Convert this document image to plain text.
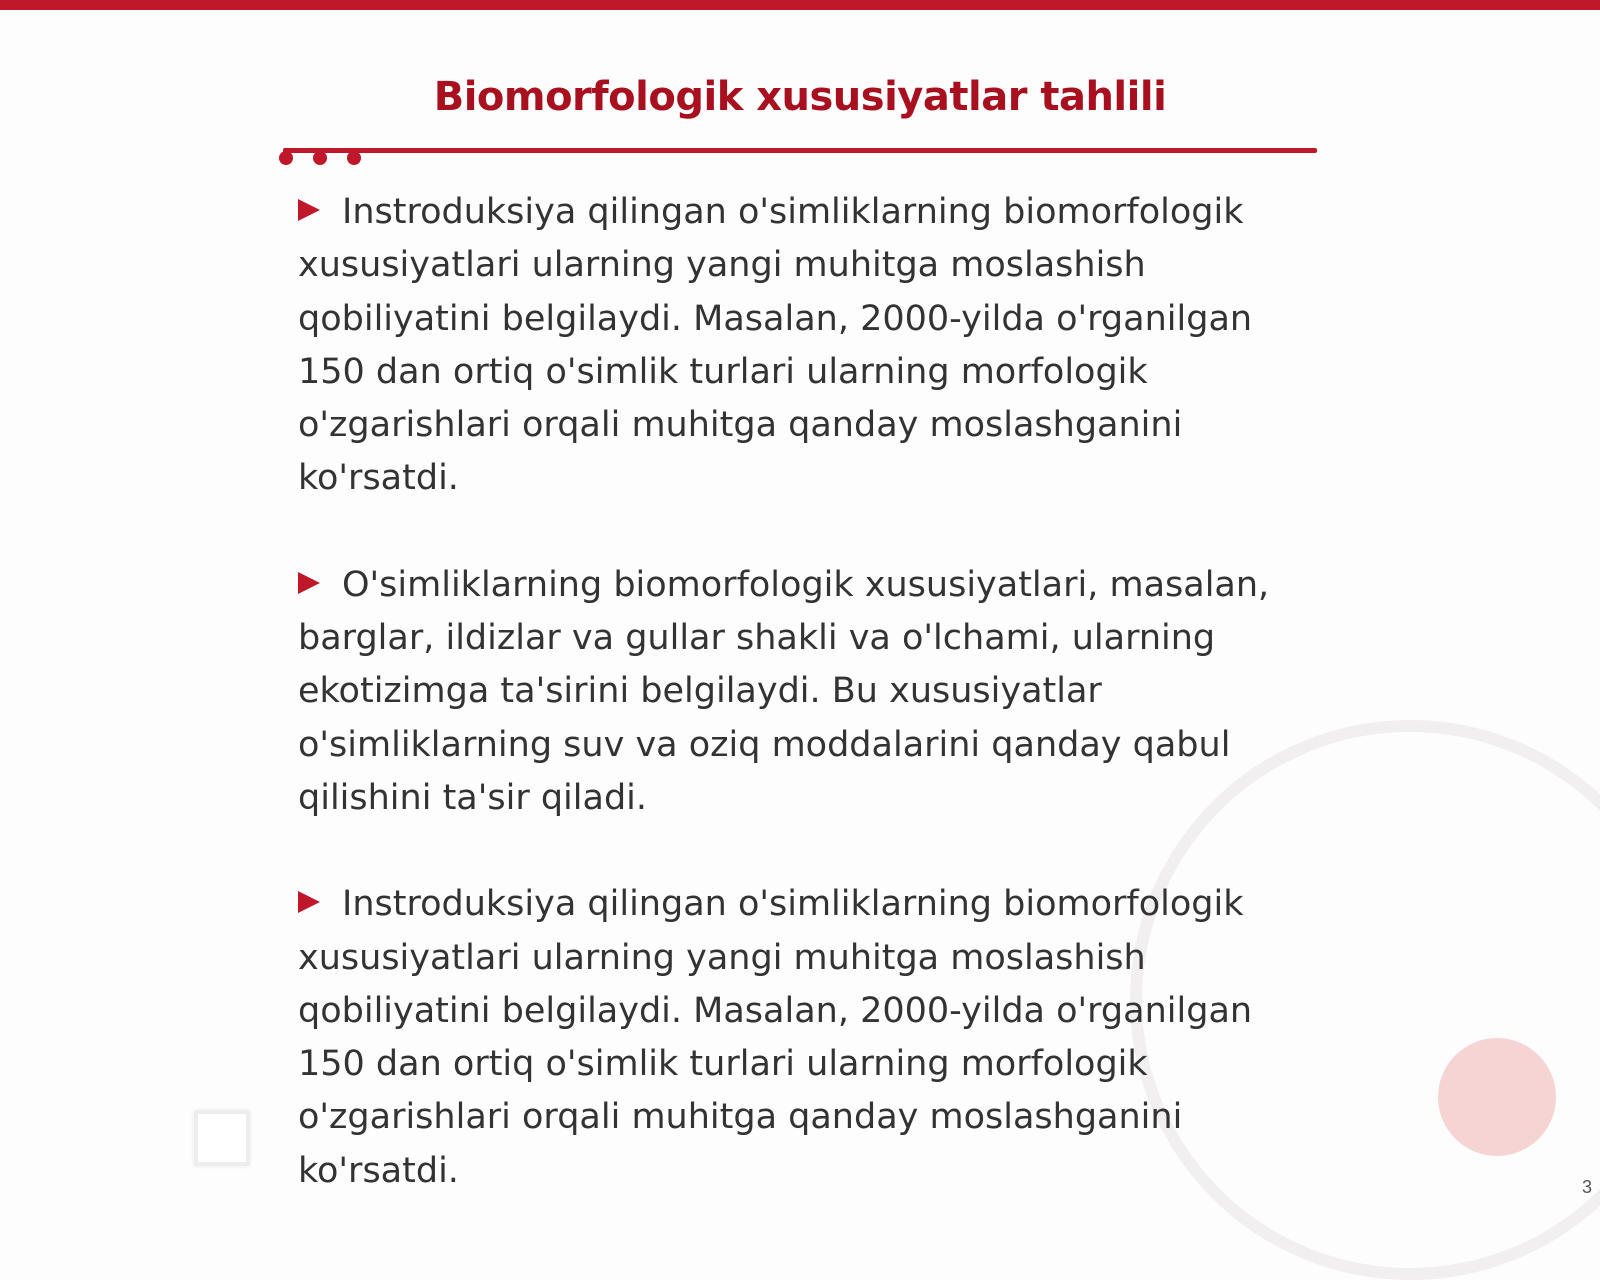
Biomorfologik xususiyatlar tahlili

Instroduksiya qilingan o'simliklarning biomorfologik xususiyatlari ularning yangi muhitga moslashish qobiliyatini belgilaydi. Masalan, 2000-yilda o'rganilgan 150 dan ortiq o'simlik turlari ularning morfologik o'zgarishlari orqali muhitga qanday moslashganini ko'rsatdi.

O'simliklarning biomorfologik xususiyatlari, masalan, barglar, ildizlar va gullar shakli va o'lchami, ularning ekotizimga ta'sirini belgilaydi. Bu xususiyatlar o'simliklarning suv va oziq moddalarini qanday qabul qilishini ta'sir qiladi.

Instroduksiya qilingan o'simliklarning biomorfologik xususiyatlari ularning yangi muhitga moslashish qobiliyatini belgilaydi. Masalan, 2000-yilda o'rganilgan 150 dan ortiq o'simlik turlari ularning morfologik o'zgarishlari orqali muhitga qanday moslashganini ko'rsatdi.	3
